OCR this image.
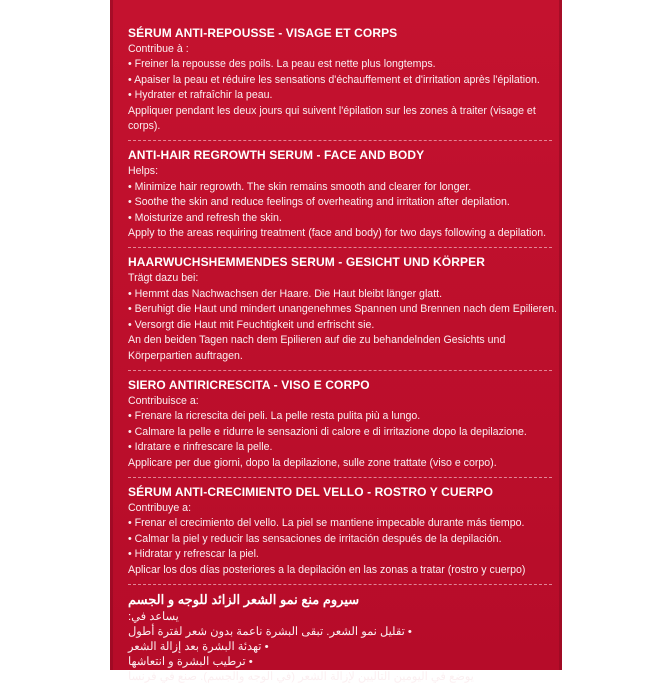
SÉRUM ANTI-REPOUSSE - VISAGE ET CORPS
Contribue à :
• Freiner la repousse des poils. La peau est nette plus longtemps.
• Apaiser la peau et réduire les sensations d'échauffement et d'irritation après l'épilation.
• Hydrater et rafraîchir la peau.
Appliquer pendant les deux jours qui suivent l'épilation sur les zones à traiter (visage et corps).
ANTI-HAIR REGROWTH SERUM - FACE AND BODY
Helps:
• Minimize hair regrowth. The skin remains smooth and clearer for longer.
• Soothe the skin and reduce feelings of overheating and irritation after depilation.
• Moisturize and refresh the skin.
Apply to the areas requiring treatment (face and body) for two days following a depilation.
HAARWUCHSHEMMENDES SERUM - GESICHT UND KÖRPER
Trägt dazu bei:
• Hemmt das Nachwachsen der Haare. Die Haut bleibt länger glatt.
• Beruhigt die Haut und mindert unangenehmes Spannen und Brennen nach dem Epilieren.
• Versorgt die Haut mit Feuchtigkeit und erfrischt sie.
An den beiden Tagen nach dem Epilieren auf die zu behandelnden Gesichts und Körperpartien auftragen.
SIERO ANTIRICRESCITA - VISO E CORPO
Contribuisce a:
• Frenare la ricrescita dei peli. La pelle resta pulita più a lungo.
• Calmare la pelle e ridurre le sensazioni di calore e di irritazione dopo la depilazione.
• Idratare e rinfrescare la pelle.
Applicare per due giorni, dopo la depilazione, sulle zone trattate (viso e corpo).
SÉRUM ANTI-CRECIMIENTO DEL VELLO - ROSTRO Y CUERPO
Contribuye a:
• Frenar el crecimiento del vello. La piel se mantiene impecable durante más tiempo.
• Calmar la piel y reducir las sensaciones de irritación después de la depilación.
• Hidratar y refrescar la piel.
Aplicar los dos días posteriores a la depilación en las zonas a tratar (rostro y cuerpo)
سيروم منع نمو الشعر الزائد للوجه و الجسم
يساعد في:
• تقليل نمو الشعر. تبقى البشرة ناعمة بدون شعر لفترة أطول
• تهدئة البشرة بعد إزالة الشعر
• ترطيب البشرة و انتعاشها
يوضع في اليومين التاليين لإزالة الشعر (في الوجه والجسم). صنع في فرنسا
